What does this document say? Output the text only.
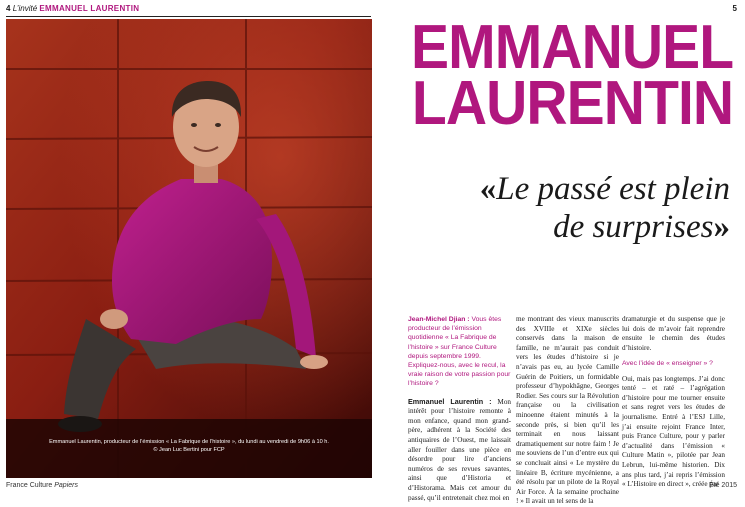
4 L’invité EMMANUEL LAURENTIN	5
Emmanuel Laurentin, producteur de l’émission « La Fabrique de l’histoire », du lundi au vendredi de 9h06 à 10 h.
© Jean Luc Bertini pour FCP
France Culture Papiers	Été 2015
EMMANUEL
LAURENTIN
«Le passé est plein
de surprises»

Jean-Michel Djian : Vous êtes producteur de l’émission quotidienne « La Fabrique de l’histoire » sur France Culture depuis septembre 1999. Expliquez-nous, avec le recul, la vraie raison de votre passion pour l’histoire ?

Emmanuel Laurentin : Mon intérêt pour l’histoire remonte à mon enfance, quand mon grand-père, adhérent à la Société des antiquaires de l’Ouest, me laissait aller fouiller dans une pièce en désordre pour lire d’anciens numéros de ses revues savantes, ainsi que d’Historia et d’Historama. Mais cet amour du passé, qu’il entretenait chez moi en

me montrant des vieux manuscrits des XVIIIe et XIXe siècles conservés dans la maison de famille, ne m’aurait pas conduit vers les études d’histoire si je n’avais pas eu, au lycée Camille Guérin de Poitiers, un formidable professeur d’hypokhâgne, Georges Rodier. Ses cours sur la Révolution française ou la civilisation minoenne étaient minutés à la seconde près, si bien qu’il les terminait en nous laissant dramatiquement sur notre faim ! Je me souviens de l’un d’entre eux qui se concluait ainsi « Le mystère du linéaire B, écriture mycénienne, a été résolu par un pilote de la Royal Air Force. À la semaine prochaine ! » Il avait un tel sens de la

dramaturgie et du suspense que je lui dois de m’avoir fait reprendre ensuite le chemin des études d’histoire.

Avec l’idée de « enseigner » ?

Oui, mais pas longtemps. J’ai donc tenté – et raté – l’agrégation d’histoire pour me tourner ensuite et sans regret vers les études de journalisme. Entré à l’ESJ Lille, j’ai ensuite rejoint France Inter, puis France Culture, pour y parler d’actualité dans l’émission « Culture Matin », pilotée par Jean Lebrun, lui-même historien. Dix ans plus tard, j’ai repris l’émission « L’Histoire en direct », créée par
